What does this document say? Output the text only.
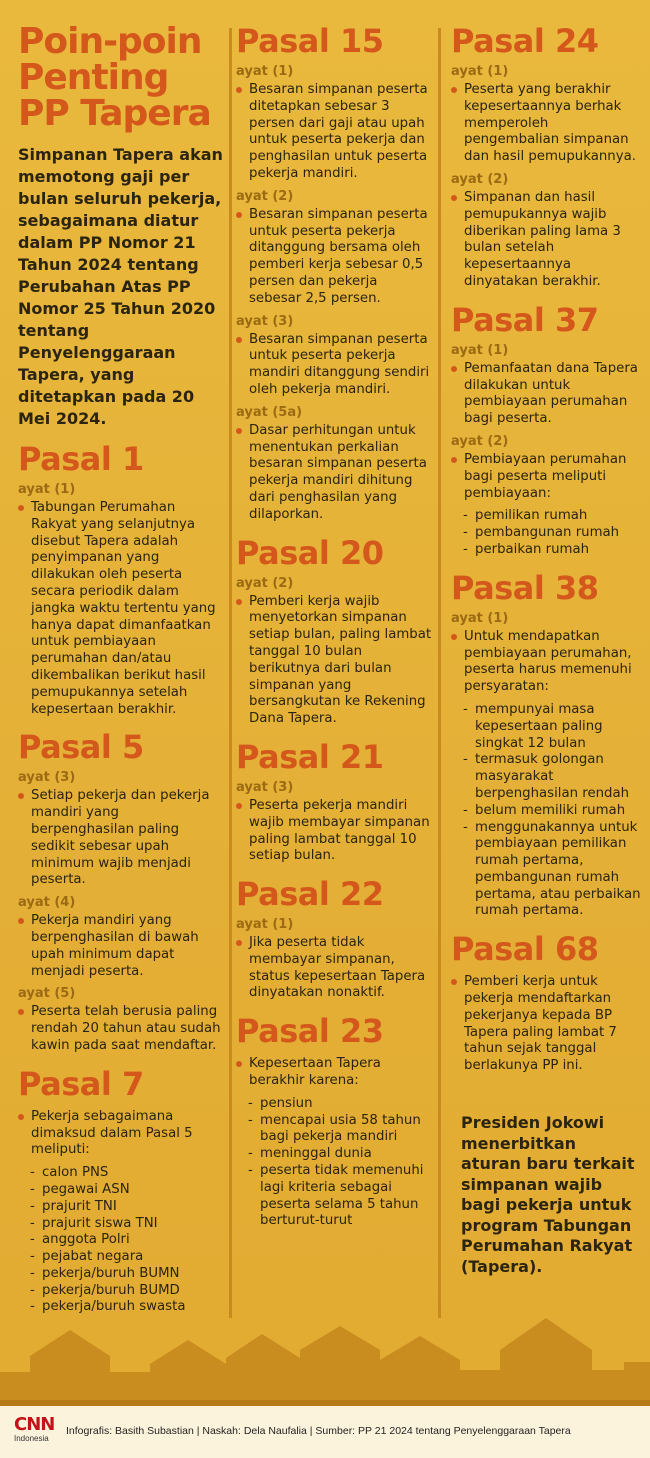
Poin-poin
Penting
PP Tapera
Simpanan Tapera akan memotong gaji per bulan seluruh pekerja, sebagaimana diatur dalam PP Nomor 21 Tahun 2024 tentang Perubahan Atas PP Nomor 25 Tahun 2020 tentang Penyelenggaraan Tapera, yang ditetapkan pada 20 Mei 2024.
Pasal 1
ayat (1)
Tabungan Perumahan Rakyat yang selanjutnya disebut Tapera adalah penyimpanan yang dilakukan oleh peserta secara periodik dalam jangka waktu tertentu yang hanya dapat dimanfaatkan untuk pembiayaan perumahan dan/atau dikembalikan berikut hasil pemupukannya setelah kepesertaan berakhir.
Pasal 5
ayat (3)
Setiap pekerja dan pekerja mandiri yang berpenghasilan paling sedikit sebesar upah minimum wajib menjadi peserta.
ayat (4)
Pekerja mandiri yang berpenghasilan di bawah upah minimum dapat menjadi peserta.
ayat (5)
Peserta telah berusia paling rendah 20 tahun atau sudah kawin pada saat mendaftar.
Pasal 7
Pekerja sebagaimana dimaksud dalam Pasal 5 meliputi:
- calon PNS
- pegawai ASN
- prajurit TNI
- prajurit siswa TNI
- anggota Polri
- pejabat negara
- pekerja/buruh BUMN
- pekerja/buruh BUMD
- pekerja/buruh swasta
Pasal 15
ayat (1)
Besaran simpanan peserta ditetapkan sebesar 3 persen dari gaji atau upah untuk peserta pekerja dan penghasilan untuk peserta pekerja mandiri.
ayat (2)
Besaran simpanan peserta untuk peserta pekerja ditanggung bersama oleh pemberi kerja sebesar 0,5 persen dan pekerja sebesar 2,5 persen.
ayat (3)
Besaran simpanan peserta untuk peserta pekerja mandiri ditanggung sendiri oleh pekerja mandiri.
ayat (5a)
Dasar perhitungan untuk menentukan perkalian besaran simpanan peserta pekerja mandiri dihitung dari penghasilan yang dilaporkan.
Pasal 20
ayat (2)
Pemberi kerja wajib menyetorkan simpanan setiap bulan, paling lambat tanggal 10 bulan berikutnya dari bulan simpanan yang bersangkutan ke Rekening Dana Tapera.
Pasal 21
ayat (3)
Peserta pekerja mandiri wajib membayar simpanan paling lambat tanggal 10 setiap bulan.
Pasal 22
ayat (1)
Jika peserta tidak membayar simpanan, status kepesertaan Tapera dinyatakan nonaktif.
Pasal 23
Kepesertaan Tapera berakhir karena:
- pensiun
- mencapai usia 58 tahun bagi pekerja mandiri
- meninggal dunia
- peserta tidak memenuhi lagi kriteria sebagai peserta selama 5 tahun berturut-turut
Pasal 24
ayat (1)
Peserta yang berakhir kepesertaannya berhak memperoleh pengembalian simpanan dan hasil pemupukannya.
ayat (2)
Simpanan dan hasil pemupukannya wajib diberikan paling lama 3 bulan setelah kepesertaannya dinyatakan berakhir.
Pasal 37
ayat (1)
Pemanfaatan dana Tapera dilakukan untuk pembiayaan perumahan bagi peserta.
ayat (2)
Pembiayaan perumahan bagi peserta meliputi pembiayaan:
- pemilikan rumah
- pembangunan rumah
- perbaikan rumah
Pasal 38
ayat (1)
Untuk mendapatkan pembiayaan perumahan, peserta harus memenuhi persyaratan:
- mempunyai masa kepesertaan paling singkat 12 bulan
- termasuk golongan masyarakat berpenghasilan rendah
- belum memiliki rumah
- menggunakannya untuk pembiayaan pemilikan rumah pertama, pembangunan rumah pertama, atau perbaikan rumah pertama.
Pasal 68
Pemberi kerja untuk pekerja mendaftarkan pekerjanya kepada BP Tapera paling lambat 7 tahun sejak tanggal berlakunya PP ini.
Presiden Jokowi menerbitkan aturan baru terkait simpanan wajib bagi pekerja untuk program Tabungan Perumahan Rakyat (Tapera).
CNN
Indonesia
Infografis: Basith Subastian | Naskah: Dela Naufalia | Sumber: PP 21 2024 tentang Penyelenggaraan Tapera
